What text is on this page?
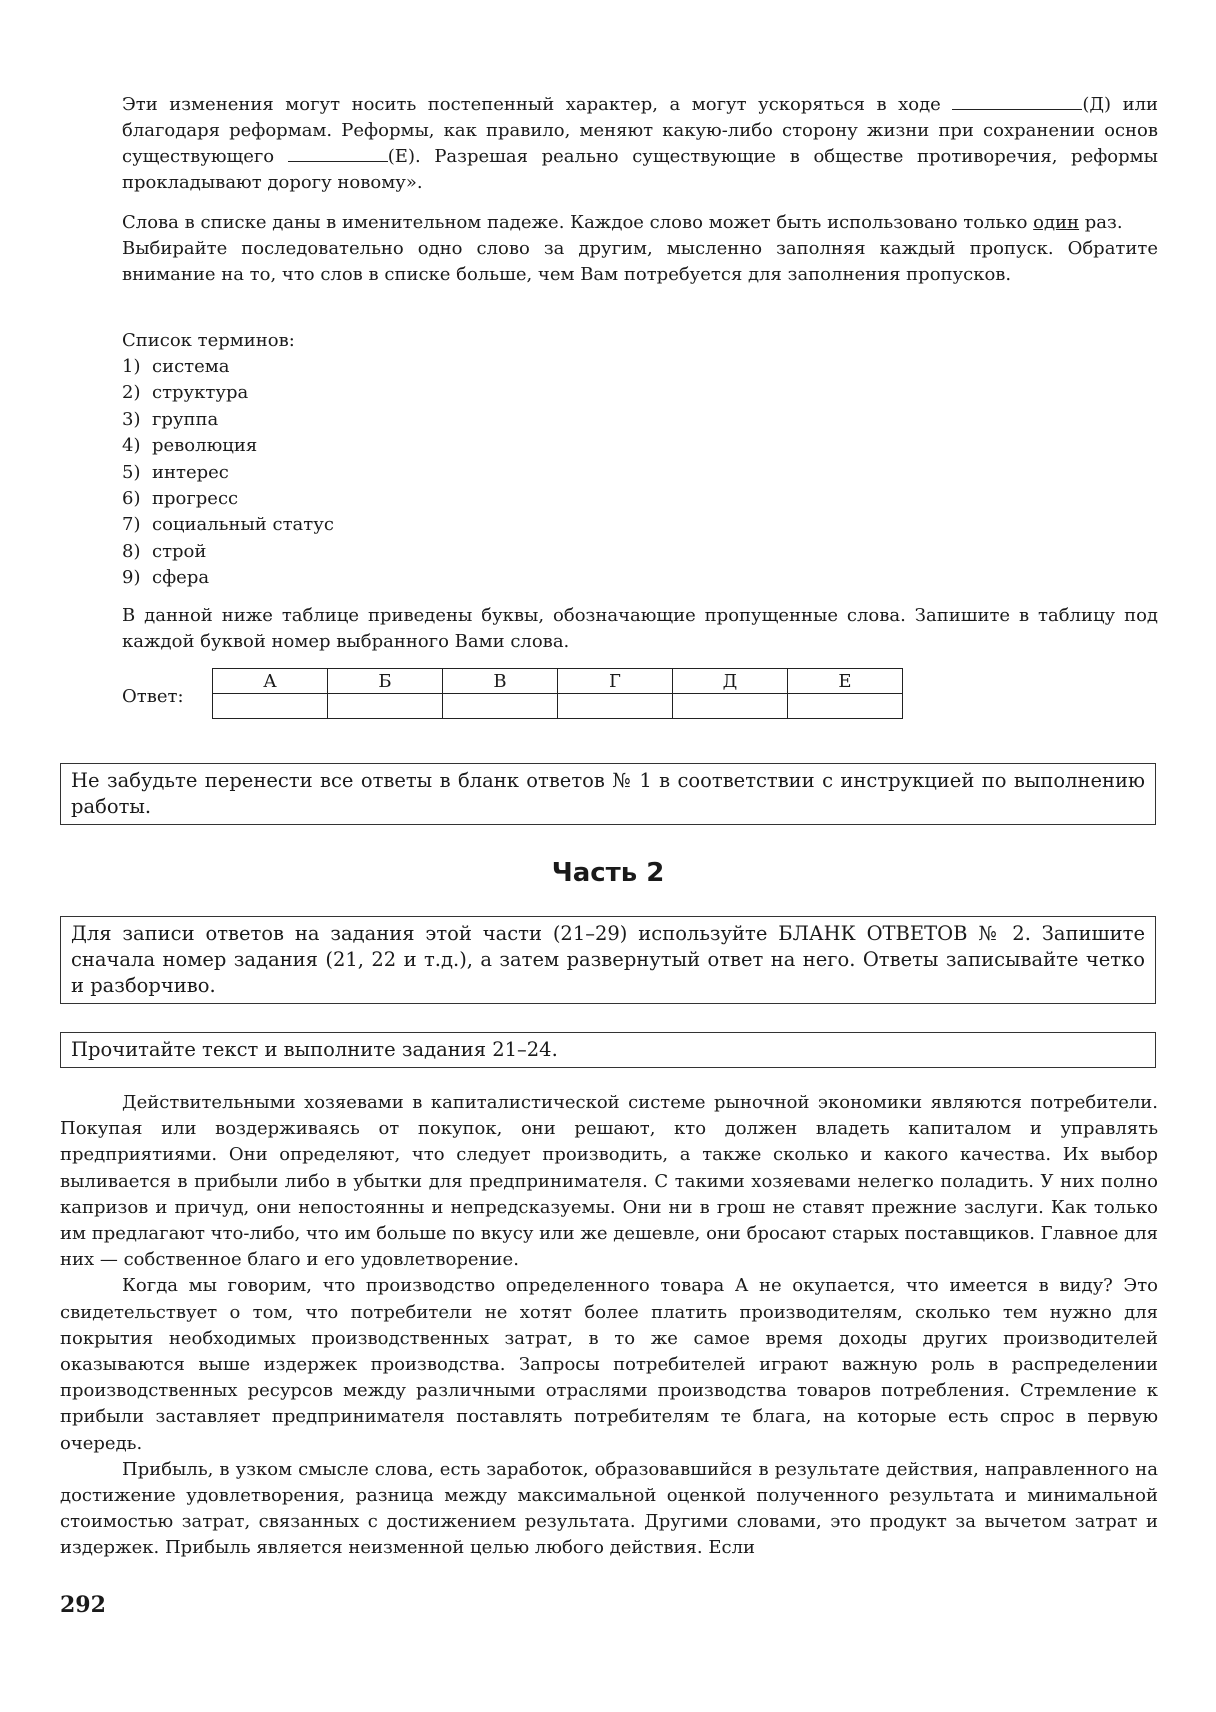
Эти изменения могут носить постепенный характер, а могут ускоряться в ходе	(Д) или благодаря реформам. Реформы, как правило, меняют какую-либо сторону жизни при сохранении основ существующего	(Е). Разрешая реально существующие в обществе противоречия, реформы прокладывают дорогу новому».

Слова в списке даны в именительном падеже. Каждое слово может быть использовано только один раз.

Выбирайте последовательно одно слово за другим, мысленно заполняя каждый пропуск. Обратите внимание на то, что слов в списке больше, чем Вам потребуется для заполнения пропусков.

Список терминов:

1) система
2) структура
3) группа
4) революция
5) интерес
6) прогресс
7) социальный статус
8) строй
9) сфера

В данной ниже таблице приведены буквы, обозначающие пропущенные слова. Запишите в таблицу под каждой буквой номер выбранного Вами слова.

Ответ:
А	Б	В	Г	Д	Е

Не забудьте перенести все ответы в бланк ответов № 1 в соответствии с инструкцией по выполнению работы.
Часть 2
Для записи ответов на задания этой части (21–29) используйте БЛАНК ОТВЕТОВ № 2. Запишите сначала номер задания (21, 22 и т.д.), а затем развернутый ответ на него. Ответы записывайте четко и разборчиво.
Прочитайте текст и выполните задания 21–24.

Действительными хозяевами в капиталистической системе рыночной экономики являются потребители. Покупая или воздерживаясь от покупок, они решают, кто должен владеть капиталом и управлять предприятиями. Они определяют, что следует производить, а также сколько и какого качества. Их выбор выливается в прибыли либо в убытки для предпринимателя. С такими хозяевами нелегко поладить. У них полно капризов и причуд, они непостоянны и непредсказуемы. Они ни в грош не ставят прежние заслуги. Как только им предлагают что-либо, что им больше по вкусу или же дешевле, они бросают старых поставщиков. Главное для них — собственное благо и его удовлетворение.

Когда мы говорим, что производство определенного товара А не окупается, что имеется в виду? Это свидетельствует о том, что потребители не хотят более платить производителям, сколько тем нужно для покрытия необходимых производственных затрат, в то же самое время доходы других производителей оказываются выше издержек производства. Запросы потребителей играют важную роль в распределении производственных ресурсов между различными отраслями производства товаров потребления. Стремление к прибыли заставляет предпринимателя поставлять потребителям те блага, на которые есть спрос в первую очередь.

Прибыль, в узком смысле слова, есть заработок, образовавшийся в результате действия, направленного на достижение удовлетворения, разница между максимальной оценкой полученного результата и минимальной стоимостью затрат, связанных с достижением результата. Другими словами, это продукт за вычетом затрат и издержек. Прибыль является неизменной целью любого действия. Если

292
